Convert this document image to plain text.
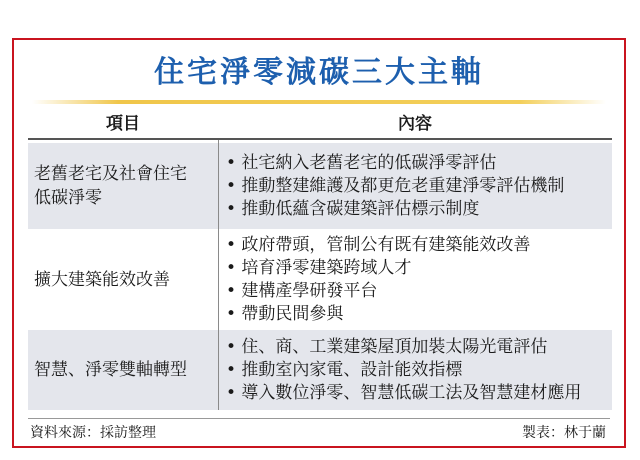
住宅淨零減碳三大主軸
項目	內容
老舊老宅及社會住宅
低碳淨零
• 社宅納入老舊老宅的低碳淨零評估
• 推動整建維護及都更危老重建淨零評估機制
• 推動低蘊含碳建築評估標示制度
擴大建築能效改善
• 政府帶頭，管制公有既有建築能效改善
• 培育淨零建築跨域人才
• 建構產學研發平台
• 帶動民間參與
智慧、淨零雙軸轉型
• 住、商、工業建築屋頂加裝太陽光電評估
• 推動室內家電、設計能效指標
• 導入數位淨零、智慧低碳工法及智慧建材應用
資料來源：採訪整理	製表：林于蘭
